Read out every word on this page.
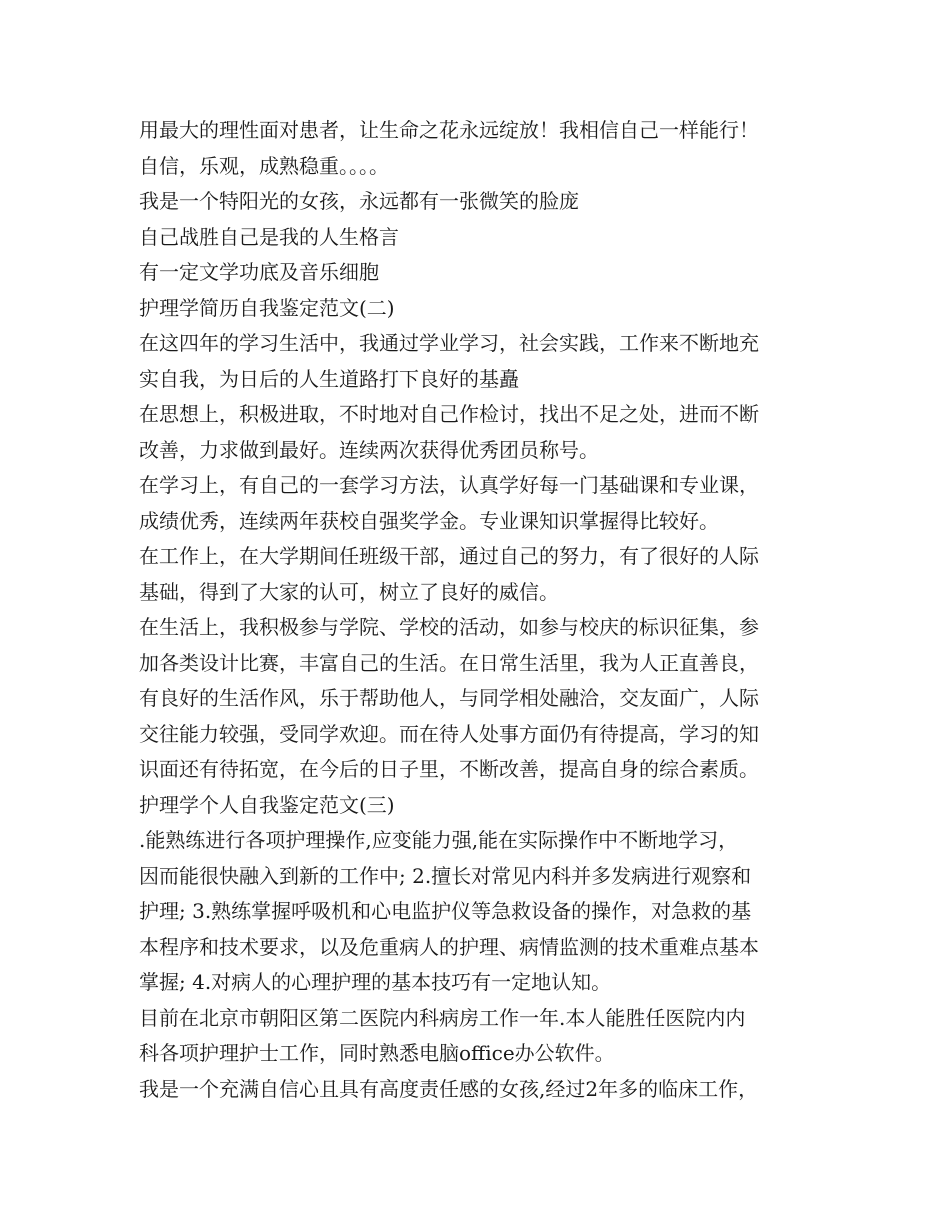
用最大的理性面对患者，让生命之花永远绽放！我相信自己一样能行！
自信，乐观，成熟稳重。。。。
我是一个特阳光的女孩，永远都有一张微笑的脸庞
自己战胜自己是我的人生格言
有一定文学功底及音乐细胞
护理学简历自我鉴定范文(二)
在这四年的学习生活中，我通过学业学习，社会实践，工作来不断地充
实自我，为日后的人生道路打下良好的基矗
在思想上，积极进取，不时地对自己作检讨，找出不足之处，进而不断
改善，力求做到最好。连续两次获得优秀团员称号。
在学习上，有自己的一套学习方法，认真学好每一门基础课和专业课，
成绩优秀，连续两年获校自强奖学金。专业课知识掌握得比较好。
在工作上，在大学期间任班级干部，通过自己的努力，有了很好的人际
基础，得到了大家的认可，树立了良好的威信。
在生活上，我积极参与学院、学校的活动，如参与校庆的标识征集，参
加各类设计比赛，丰富自己的生活。在日常生活里，我为人正直善良，
有良好的生活作风，乐于帮助他人，与同学相处融洽，交友面广，人际
交往能力较强，受同学欢迎。而在待人处事方面仍有待提高，学习的知
识面还有待拓宽，在今后的日子里，不断改善，提高自身的综合素质。
护理学个人自我鉴定范文(三)
.能熟练进行各项护理操作,应变能力强,能在实际操作中不断地学习，
因而能很快融入到新的工作中; 2.擅长对常见内科并多发病进行观察和
护理; 3.熟练掌握呼吸机和心电监护仪等急救设备的操作，对急救的基
本程序和技术要求，以及危重病人的护理、病情监测的技术重难点基本
掌握; 4.对病人的心理护理的基本技巧有一定地认知。
目前在北京市朝阳区第二医院内科病房工作一年.本人能胜任医院内内
科各项护理护士工作，同时熟悉电脑office办公软件。
我是一个充满自信心且具有高度责任感的女孩,经过2年多的临床工作，
